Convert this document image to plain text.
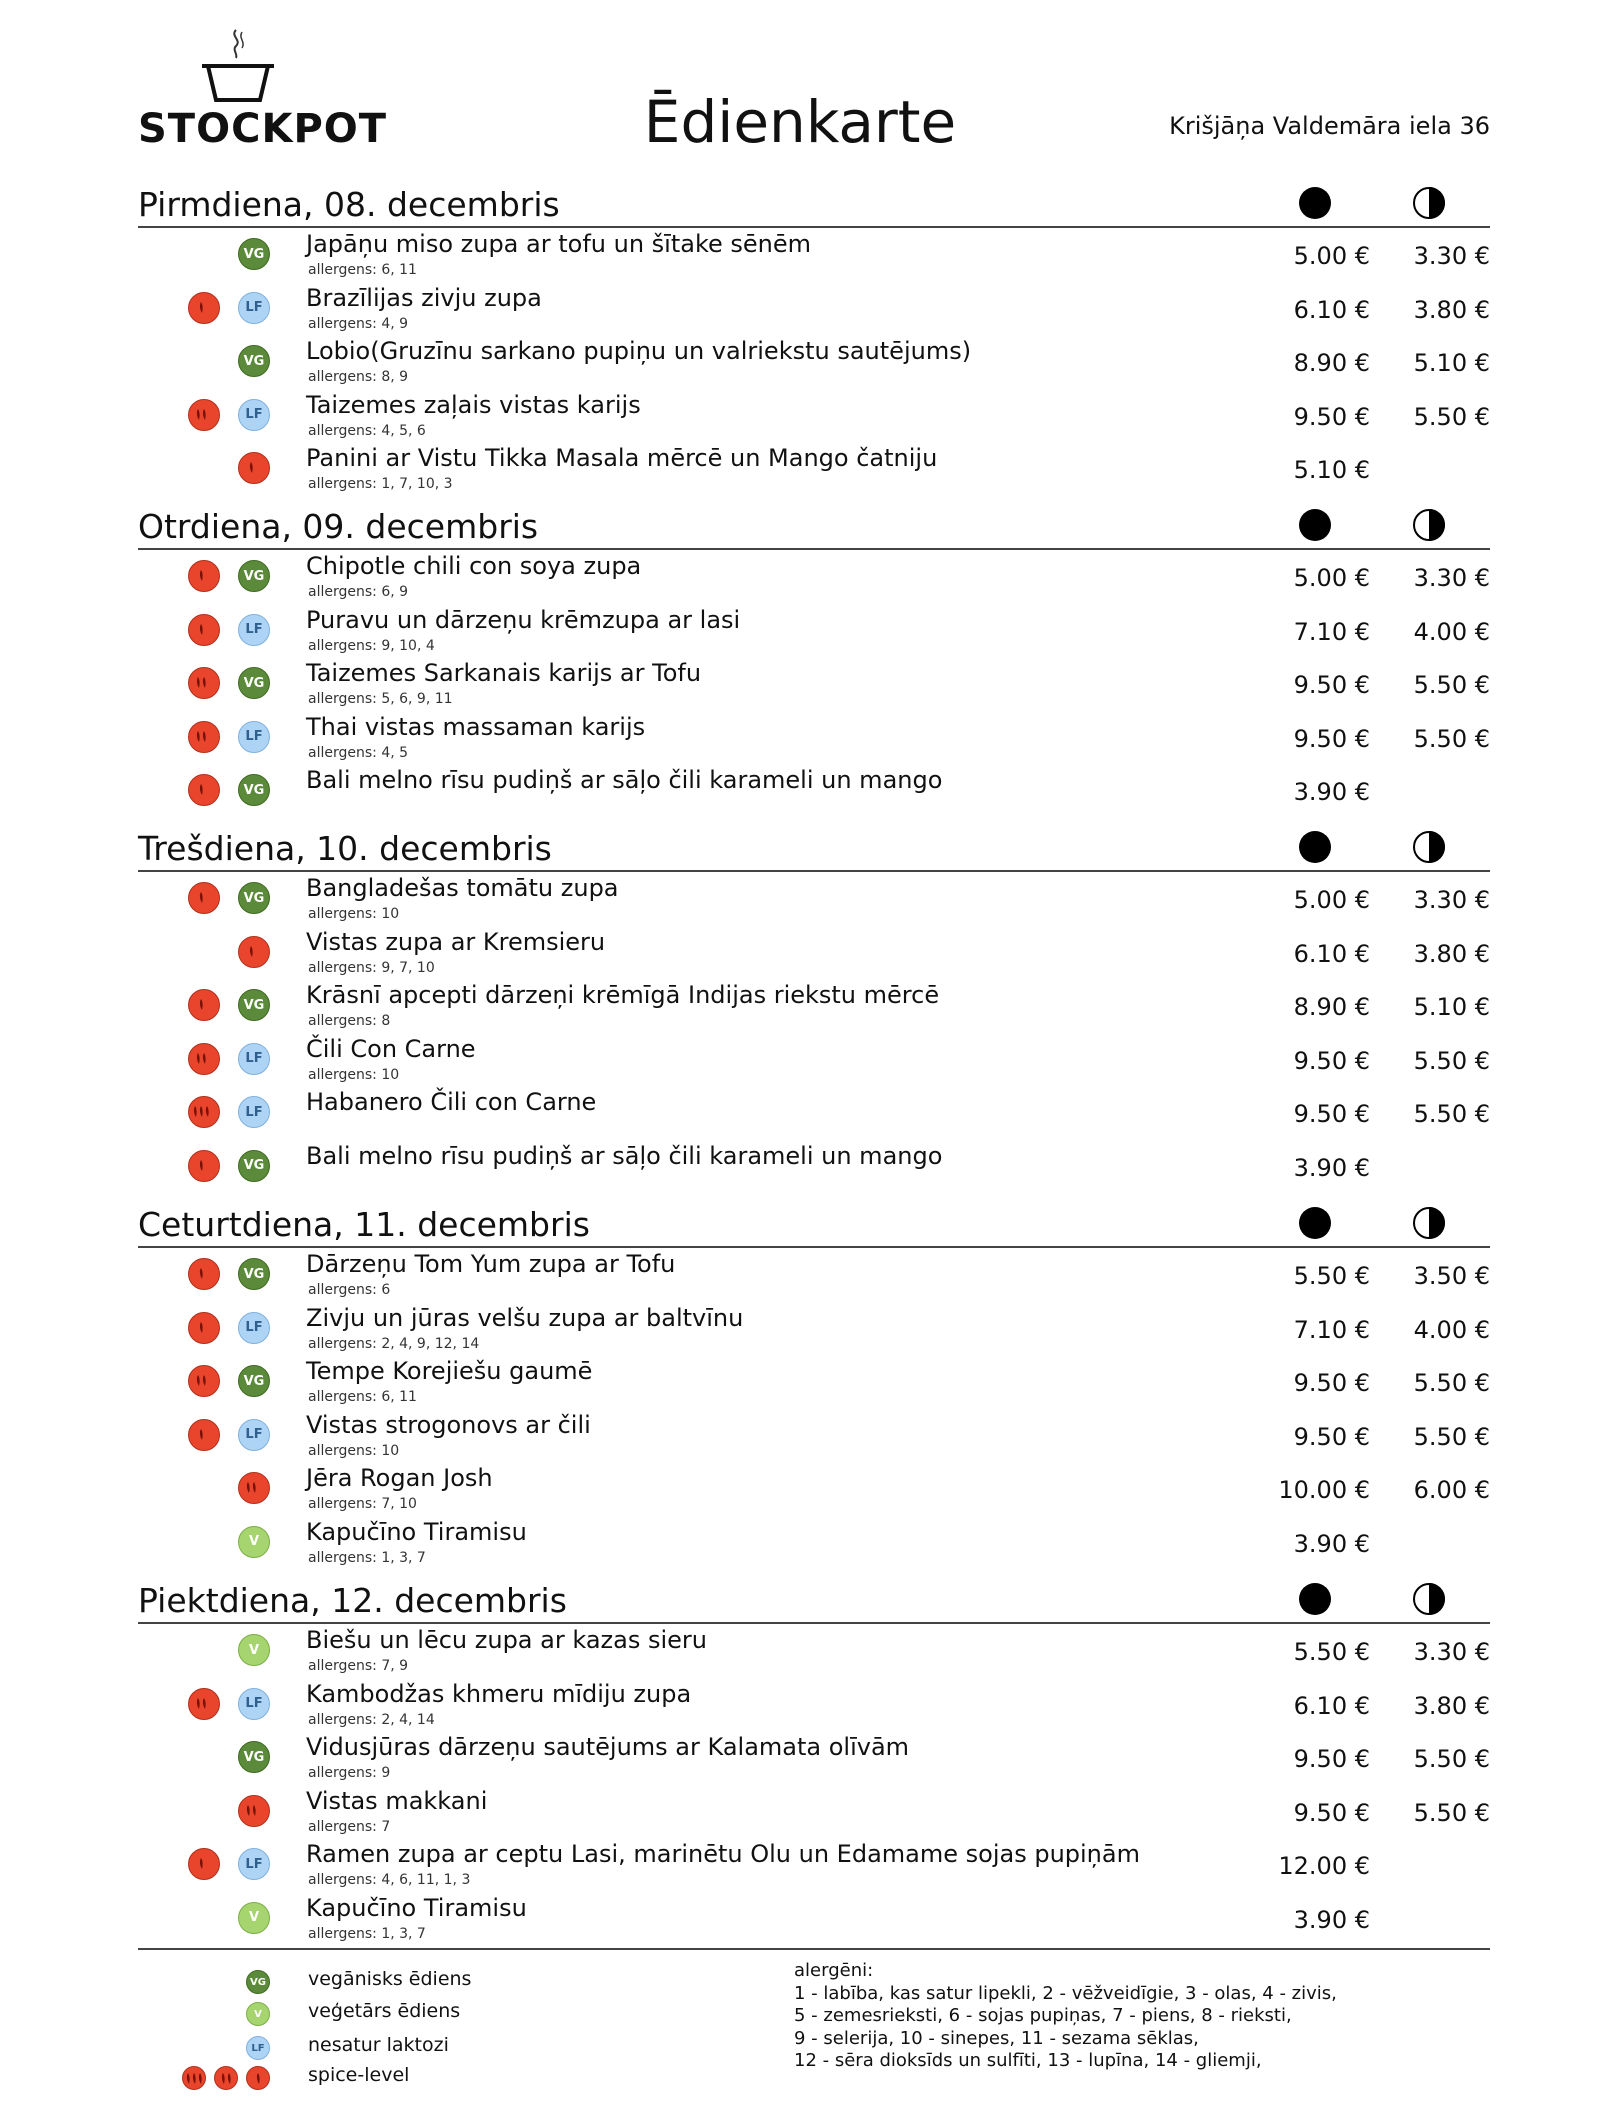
STOCKPOT	Ēdienkarte	Krišjāņa Valdemāra iela 36
Pirmdiena, 08. decembris
VG Japāņu miso zupa ar tofu un šītake sēnēm
allergens: 6, 11	5.00 € 3.30 €
LF	Brazīlijas zivju zupa
allergens: 4, 9	6.10 € 3.80 €
VG Lobio(Gruzīnu sarkano pupiņu un valriekstu sautējums)
allergens: 8, 9	8.90 € 5.10 €
LF	Taizemes zaļais vistas karijs
allergens: 4, 5, 6	9.50 € 5.50 €
Panini ar Vistu Tikka Masala mērcē un Mango čatniju
allergens: 1, 7, 10, 3	5.10 €
Otrdiena, 09. decembris
VG Chipotle chili con soya zupa
allergens: 6, 9	5.00 € 3.30 €
LF	Puravu un dārzeņu krēmzupa ar lasi
allergens: 9, 10, 4	7.10 € 4.00 €
VG Taizemes Sarkanais karijs ar Tofu
allergens: 5, 6, 9, 11	9.50 € 5.50 €
LF	Thai vistas massaman karijs
allergens: 4, 5	9.50 € 5.50 €
VG Bali melno rīsu pudiņš ar sāļo čili karameli un mango	3.90 €
Trešdiena, 10. decembris
VG Bangladešas tomātu zupa
allergens: 10	5.00 € 3.30 €
Vistas zupa ar Kremsieru
allergens: 9, 7, 10	6.10 € 3.80 €
VG Krāsnī apcepti dārzeņi krēmīgā Indijas riekstu mērcē
allergens: 8	8.90 € 5.10 €
LF	Čili Con Carne
allergens: 10	9.50 € 5.50 €
LF	Habanero Čili con Carne	9.50 € 5.50 €
VG Bali melno rīsu pudiņš ar sāļo čili karameli un mango	3.90 €
Ceturtdiena, 11. decembris
VG Dārzeņu Tom Yum zupa ar Tofu
allergens: 6	5.50 € 3.50 €
LF	Zivju un jūras velšu zupa ar baltvīnu
allergens: 2, 4, 9, 12, 14	7.10 € 4.00 €
VG Tempe Korejiešu gaumē
allergens: 6, 11	9.50 € 5.50 €
LF	Vistas strogonovs ar čili
allergens: 10	9.50 € 5.50 €
Jēra Rogan Josh
allergens: 7, 10	10.00 € 6.00 €
V	Kapučīno Tiramisu
allergens: 1, 3, 7	3.90 €
Piektdiena, 12. decembris
V	Biešu un lēcu zupa ar kazas sieru
allergens: 7, 9	5.50 € 3.30 €
LF	Kambodžas khmeru mīdiju zupa
allergens: 2, 4, 14	6.10 € 3.80 €
VG Vidusjūras dārzeņu sautējums ar Kalamata olīvām
allergens: 9	9.50 € 5.50 €
Vistas makkani
allergens: 7	9.50 € 5.50 €
LF	Ramen zupa ar ceptu Lasi, marinētu Olu un Edamame sojas pupiņām
allergens: 4, 6, 11, 1, 3	12.00 €
V	Kapučīno Tiramisu
allergens: 1, 3, 7	3.90 €
VG vegānisks ēdiens
V	veģetārs ēdiens
LF nesatur laktozi
spice-level
alergēni:
1 - labība, kas satur lipekli, 2 - vēžveidīgie, 3 - olas, 4 - zivis,
5 - zemesrieksti, 6 - sojas pupiņas, 7 - piens, 8 - rieksti,
9 - selerija, 10 - sinepes, 11 - sezama sēklas,
12 - sēra dioksīds un sulfīti, 13 - lupīna, 14 - gliemji,
